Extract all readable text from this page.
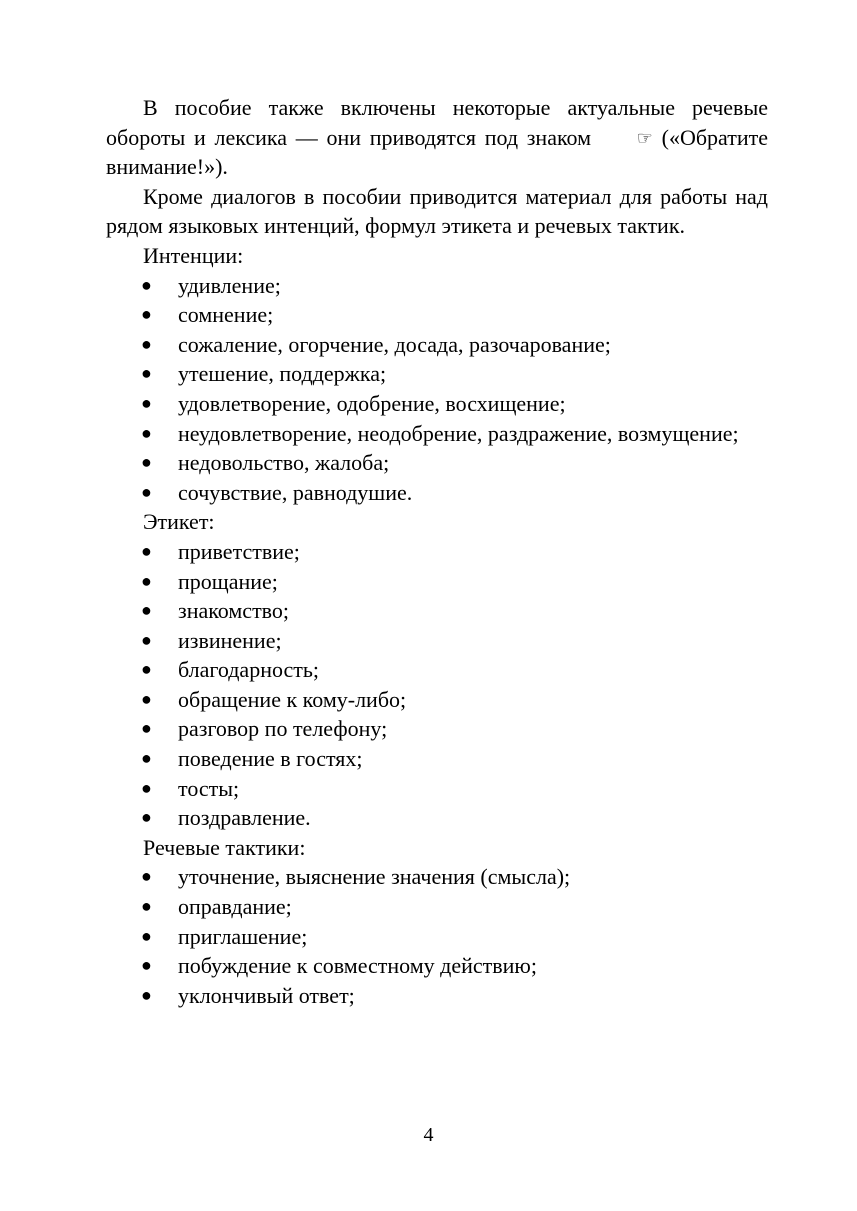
В пособие также включены некоторые актуальные речевые обороты и лексика — они приводятся под знаком	☞ («Обратите внимание!»).

Кроме диалогов в пособии приводится материал для работы над рядом языковых интенций, формул этикета и речевых тактик.

Интенции:
● удивление;
● сомнение;
● сожаление, огорчение, досада, разочарование;
● утешение, поддержка;
● удовлетворение, одобрение, восхищение;
● неудовлетворение, неодобрение, раздражение, возмущение;
● недовольство, жалоба;
● сочувствие, равнодушие.
Этикет:
● приветствие;
● прощание;
● знакомство;
● извинение;
● благодарность;
● обращение к кому-либо;
● разговор по телефону;
● поведение в гостях;
● тосты;
● поздравление.
Речевые тактики:
● уточнение, выяснение значения (смысла);
● оправдание;
● приглашение;
● побуждение к совместному действию;
● уклончивый ответ;
4
